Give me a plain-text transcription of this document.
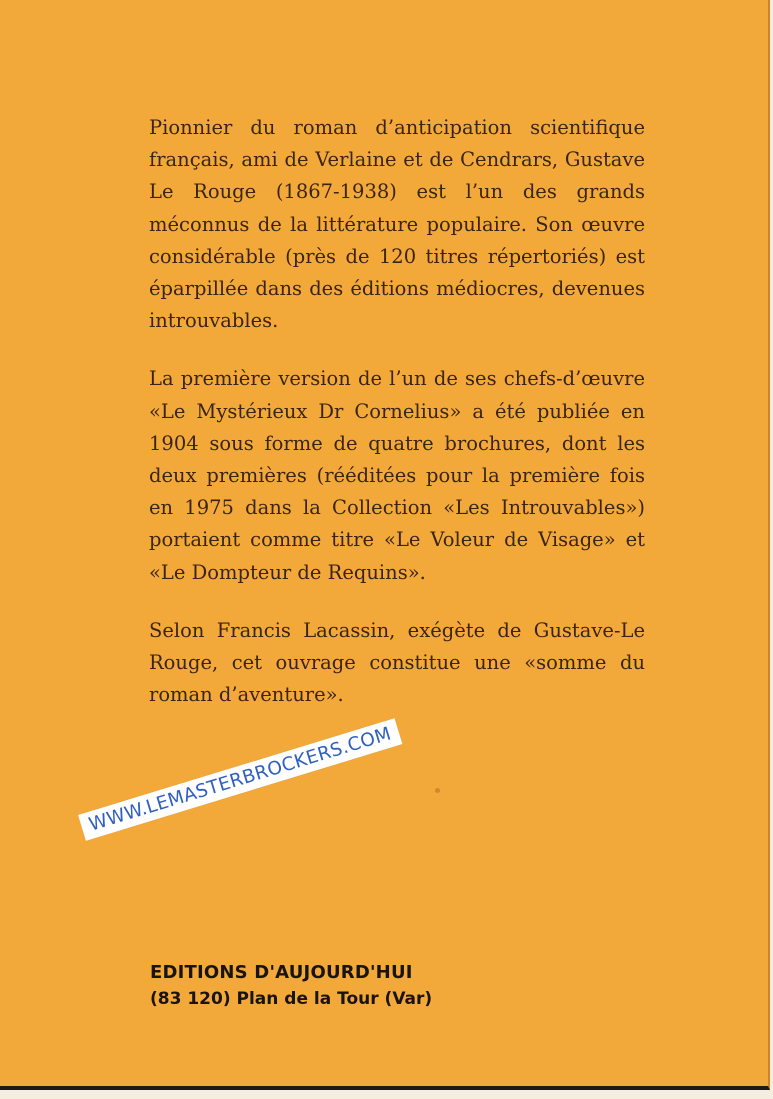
Pionnier du roman d’anticipation scientifique français, ami de Verlaine et de Cendrars, Gustave Le Rouge (1867-1938) est l’un des grands méconnus de la littérature populaire. Son œuvre considérable (près de 120 titres répertoriés) est éparpillée dans des éditions médiocres, devenues introuvables.

La première version de l’un de ses chefs-d’œuvre «Le Mystérieux Dr Cornelius» a été publiée en 1904 sous forme de quatre brochures, dont les deux premières (rééditées pour la première fois en 1975 dans la Collection «Les Introuvables») portaient comme titre «Le Voleur de Visage» et «Le Dompteur de Requins».

Selon Francis Lacassin, exégète de Gustave-Le Rouge, cet ouvrage constitue une «somme du roman d’aventure».

WWW.LEMASTERBROCKERS.COM
EDITIONS D'AUJOURD'HUI
(83 120) Plan de la Tour (Var)
